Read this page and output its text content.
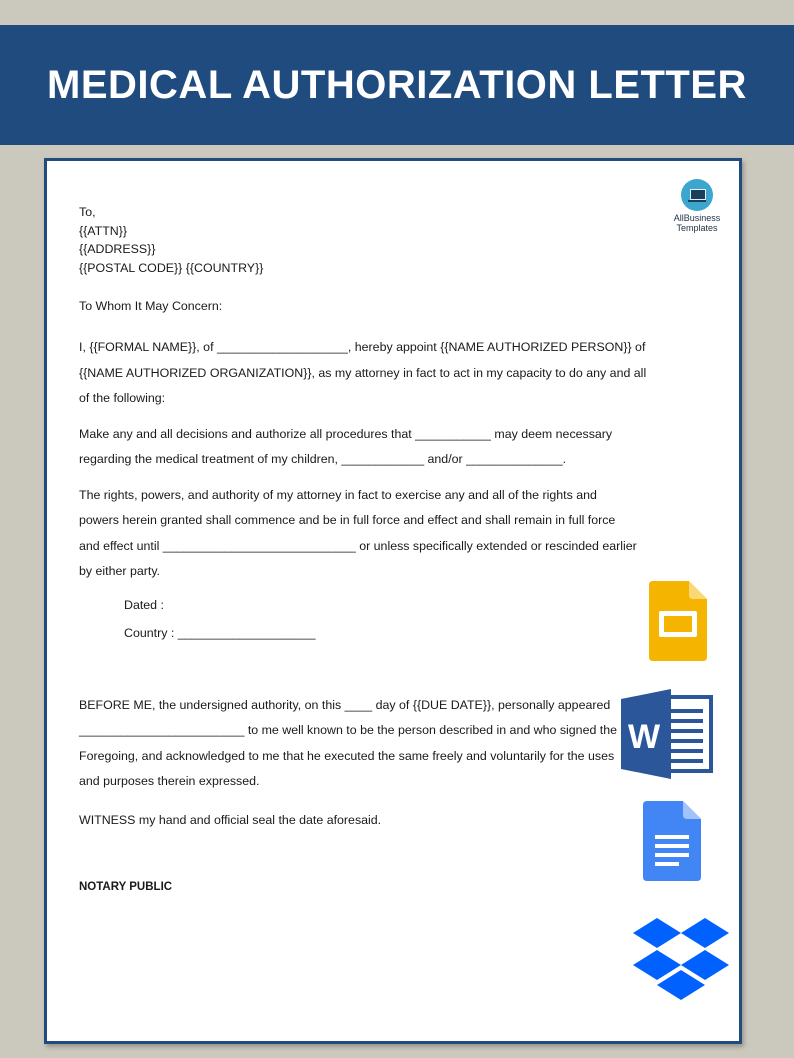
MEDICAL AUTHORIZATION LETTER
AllBusiness
Templates
To,
{{ATTN}}
{{ADDRESS}}
{{POSTAL CODE}} {{COUNTRY}}
To Whom It May Concern:
I, {{FORMAL NAME}}, of ___________________, hereby appoint {{NAME AUTHORIZED PERSON}} of
{{NAME AUTHORIZED ORGANIZATION}}, as my attorney in fact to act in my capacity to do any and all
of the following:
Make any and all decisions and authorize all procedures that ___________ may deem necessary
regarding the medical treatment of my children, ____________ and/or ______________.
The rights, powers, and authority of my attorney in fact to exercise any and all of the rights and
powers herein granted shall commence and be in full force and effect and shall remain in full force
and effect until ____________________________ or unless specifically extended or rescinded earlier
by either party.
Dated :
Country : ____________________
BEFORE ME, the undersigned authority, on this ____ day of {{DUE DATE}}, personally appeared
________________________ to me well known to be the person described in and who signed the
Foregoing, and acknowledged to me that he executed the same freely and voluntarily for the uses
and purposes therein expressed.
WITNESS my hand and official seal the date aforesaid.
NOTARY PUBLIC
W
